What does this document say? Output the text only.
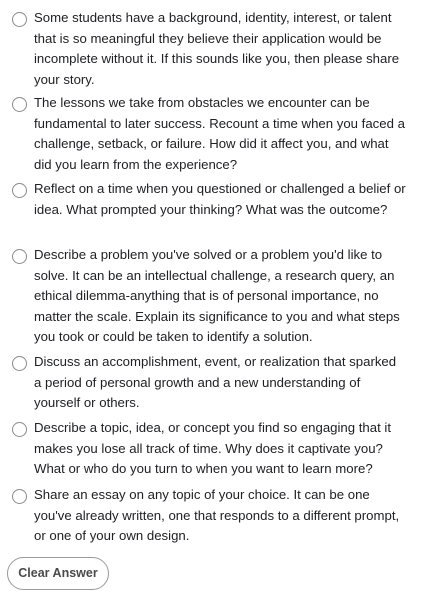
Some students have a background, identity, interest, or talent that is so meaningful they believe their application would be incomplete without it. If this sounds like you, then please share your story.
The lessons we take from obstacles we encounter can be fundamental to later success. Recount a time when you faced a challenge, setback, or failure. How did it affect you, and what did you learn from the experience?
Reflect on a time when you questioned or challenged a belief or idea. What prompted your thinking? What was the outcome?
Describe a problem you've solved or a problem you'd like to solve. It can be an intellectual challenge, a research query, an ethical dilemma-anything that is of personal importance, no matter the scale. Explain its significance to you and what steps you took or could be taken to identify a solution.
Discuss an accomplishment, event, or realization that sparked a period of personal growth and a new understanding of yourself or others.
Describe a topic, idea, or concept you find so engaging that it makes you lose all track of time. Why does it captivate you? What or who do you turn to when you want to learn more?
Share an essay on any topic of your choice. It can be one you've already written, one that responds to a different prompt, or one of your own design.
Clear Answer
